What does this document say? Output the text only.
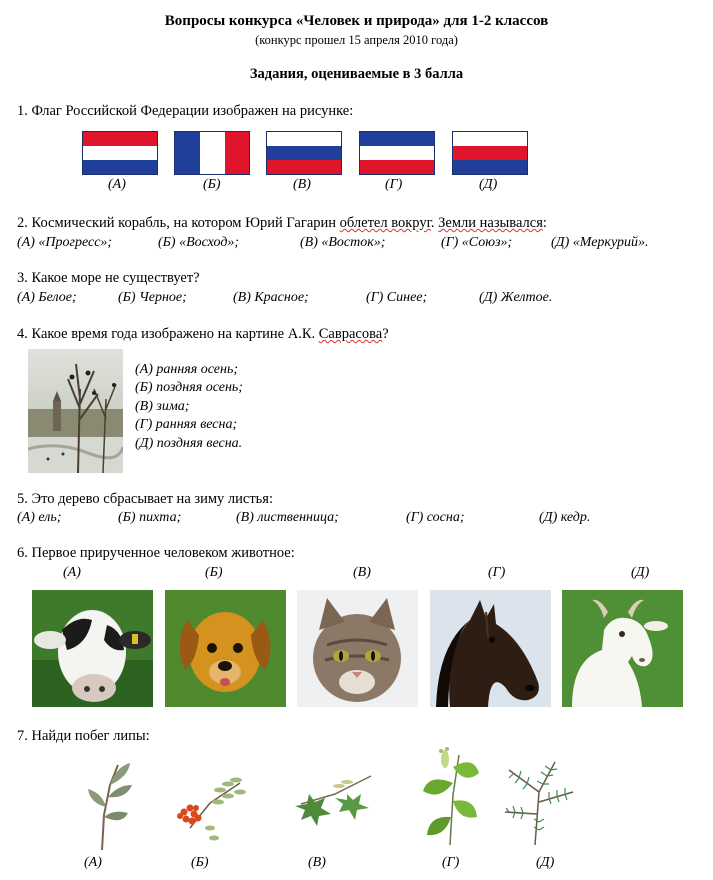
Вопросы конкурса «Человек и природа» для 1-2 классов
(конкурс прошел 15 апреля 2010 года)
Задания, оцениваемые в 3 балла
1. Флаг Российской Федерации изображен на рисунке:
(А)	(Б)	(В)	(Г)	(Д)
2. Космический корабль, на котором Юрий Гагарин облетел вокруг. Земли назывался:
(А) «Прогресс»;	(Б) «Восход»;	(В) «Восток»;	(Г) «Союз»;	(Д) «Меркурий».
3. Какое море не существует?
(А) Белое;	(Б) Черное;	(В) Красное;	(Г) Синее;	(Д) Желтое.
4. Какое время года изображено на картине А.К. Саврасова?
(А) ранняя осень;
(Б) поздняя осень;
(В) зима;
(Г) ранняя весна;
(Д) поздняя весна.
5. Это дерево сбрасывает на зиму листья:
(А) ель;	(Б) пихта;	(В) лиственница;	(Г) сосна;	(Д) кедр.
6. Первое прирученное человеком животное:
(А)	(Б)	(В)	(Г)	(Д)
7. Найди побег липы:
(А)	(Б)	(В)	(Г)	(Д)
